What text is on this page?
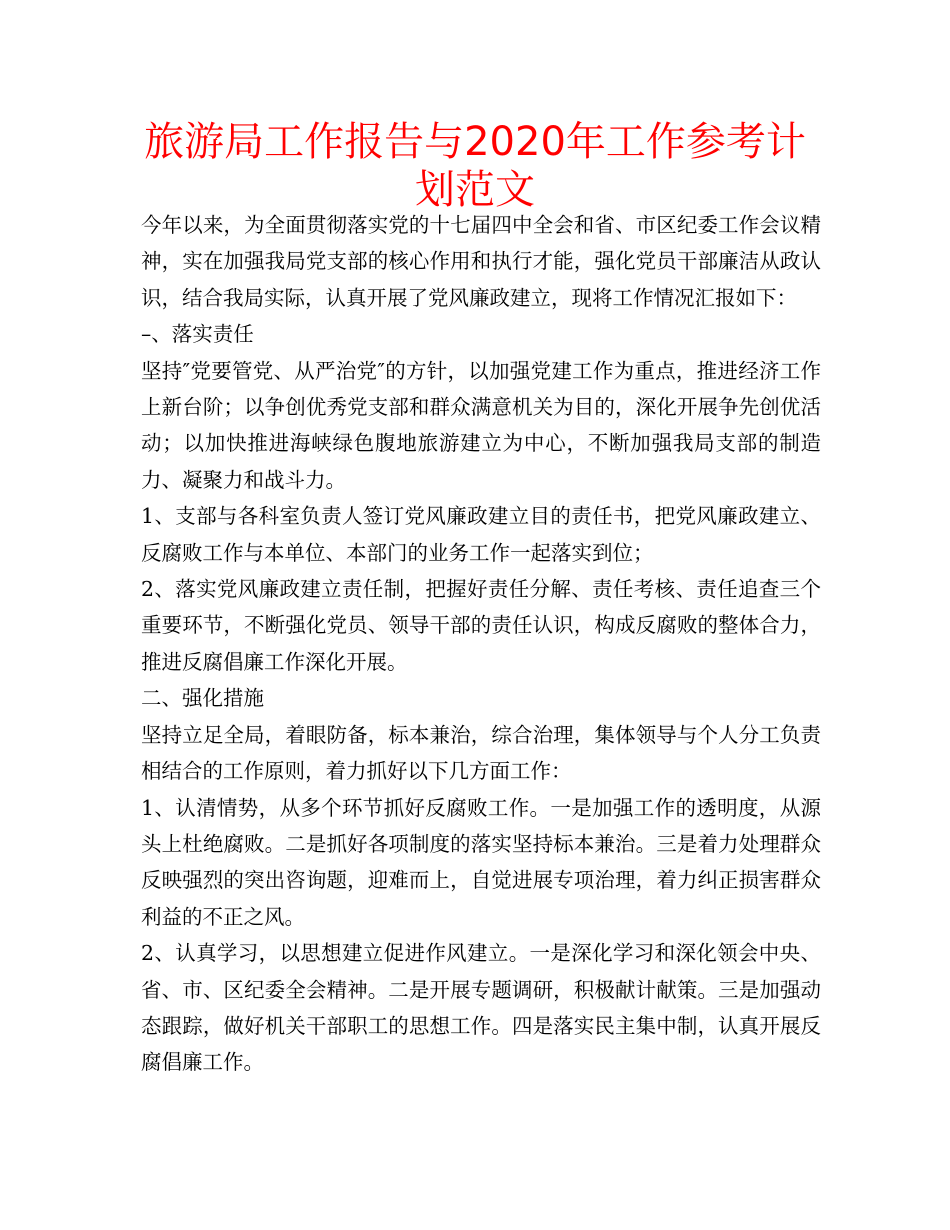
旅游局工作报告与2020年工作参考计划范文

今年以来，为全面贯彻落实党的十七届四中全会和省、市区纪委工作会议精神，实在加强我局党支部的核心作用和执行才能，强化党员干部廉洁从政认识，结合我局实际，认真开展了党风廉政建立，现将工作情况汇报如下：

–、落实责任

坚持″党要管党、从严治党″的方针，以加强党建工作为重点，推进经济工作上新台阶；以争创优秀党支部和群众满意机关为目的，深化开展争先创优活动；以加快推进海峡绿色腹地旅游建立为中心，不断加强我局支部的制造力、凝聚力和战斗力。

1、支部与各科室负责人签订党风廉政建立目的责任书，把党风廉政建立、反腐败工作与本单位、本部门的业务工作一起落实到位；

2、落实党风廉政建立责任制，把握好责任分解、责任考核、责任追查三个重要环节，不断强化党员、领导干部的责任认识，构成反腐败的整体合力，推进反腐倡廉工作深化开展。

二、强化措施

坚持立足全局，着眼防备，标本兼治，综合治理，集体领导与个人分工负责相结合的工作原则，着力抓好以下几方面工作：

1、认清情势，从多个环节抓好反腐败工作。一是加强工作的透明度，从源头上杜绝腐败。二是抓好各项制度的落实坚持标本兼治。三是着力处理群众反映强烈的突出咨询题，迎难而上，自觉进展专项治理，着力纠正损害群众利益的不正之风。

2、认真学习，以思想建立促进作风建立。一是深化学习和深化领会中央、省、市、区纪委全会精神。二是开展专题调研，积极献计献策。三是加强动态跟踪，做好机关干部职工的思想工作。四是落实民主集中制，认真开展反腐倡廉工作。
